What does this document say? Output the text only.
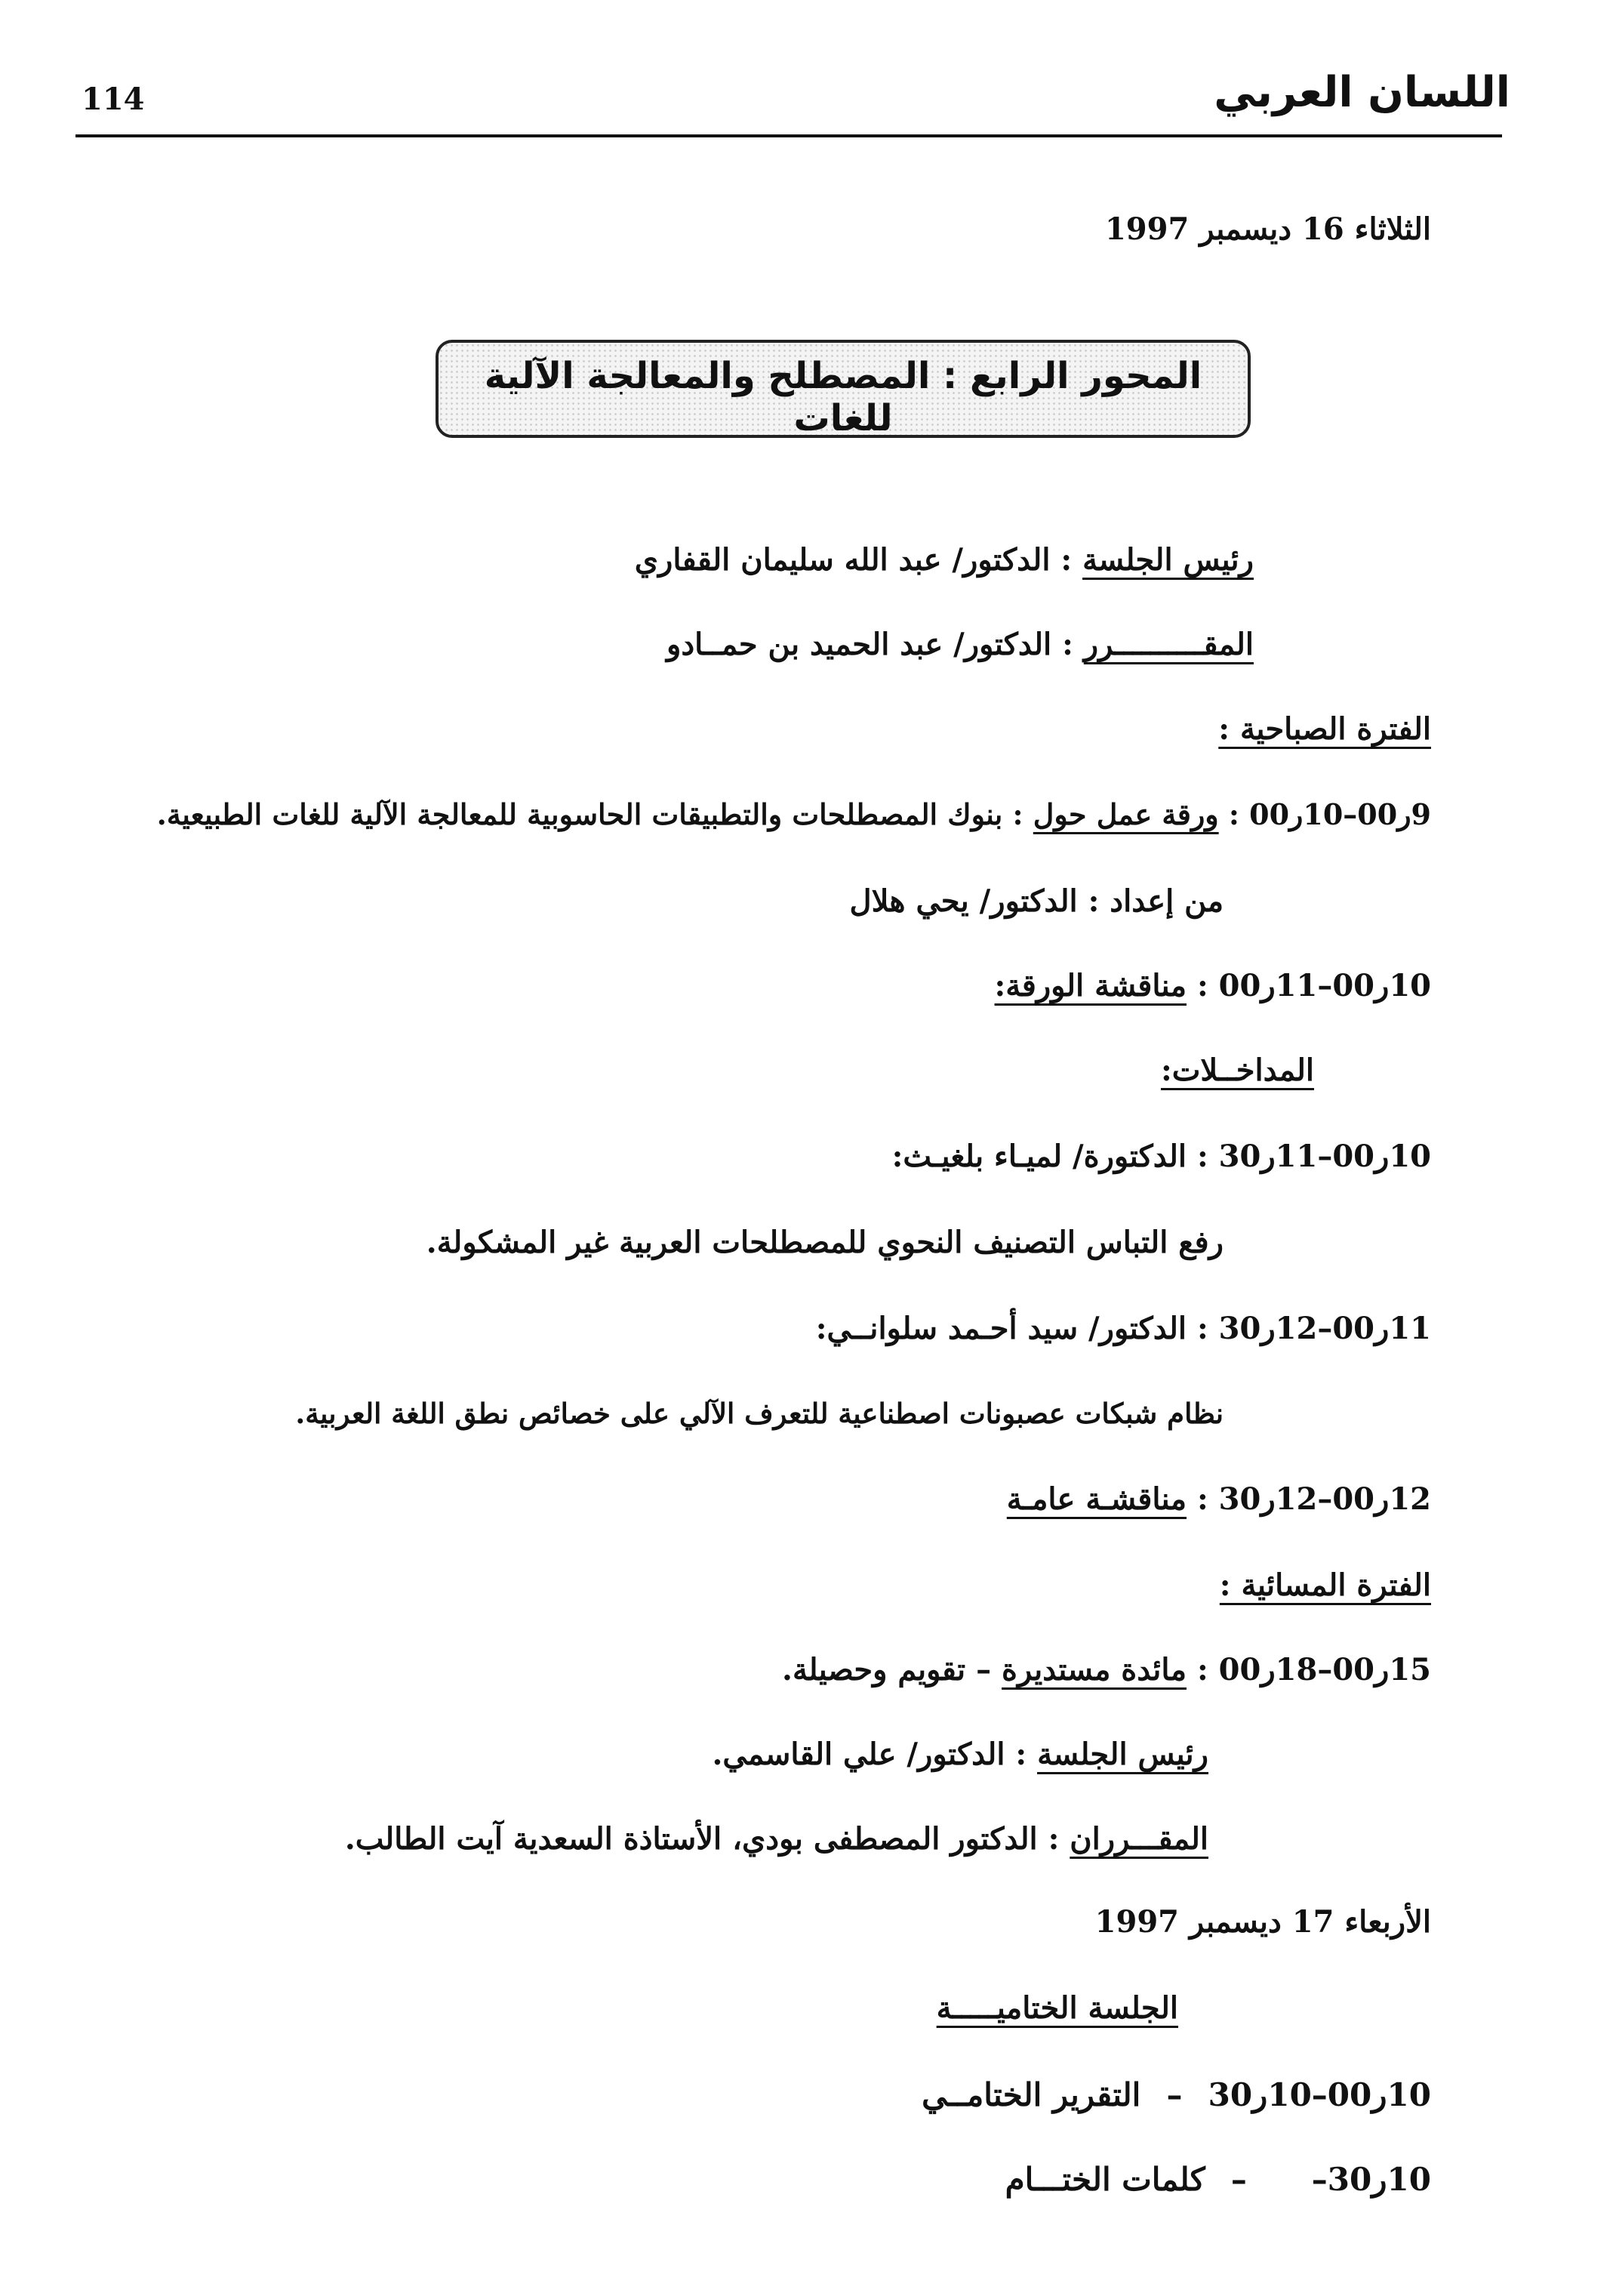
114	اللسان العربي
الثلاثاء 16 ديسمبر 1997
المحور الرابع : المصطلح والمعالجة الآلية للغات
رئيس الجلسة : الدكتور/ عبد الله سليمان القفاري
المقــــــــــرر : الدكتور/ عبد الحميد بن حمــادو
الفترة الصباحية :
9ر00–10ر00 : ورقة عمل حول : بنوك المصطلحات والتطبيقات الحاسوبية للمعالجة الآلية للغات الطبيعية.
من إعداد : الدكتور/ يحي هلال
10ر00–11ر00 : مناقشة الورقة:
المداخــلات:
10ر00–11ر30 : الدكتورة/ لميـاء بلغيـث:
رفع التباس التصنيف النحوي للمصطلحات العربية غير المشكولة.
11ر00–12ر30 : الدكتور/ سيد أحـمد سلوانــي:
نظام شبكات عصبونات اصطناعية للتعرف الآلي على خصائص نطق اللغة العربية.
12ر00–12ر30 : مناقشـة عامـة
الفترة المسائية :
15ر00–18ر00 : مائدة مستديرة – تقويم وحصيلة.
رئيس الجلسة : الدكتور/ علي القاسمي.
المقـــرران : الدكتور المصطفى بودي، الأستاذة السعدية آيت الطالب.
الأربعاء 17 ديسمبر 1997
الجلسة الختاميـــــة
10ر00–10ر30 – التقرير الختامــي
10ر30– – كلمات الختـــام
